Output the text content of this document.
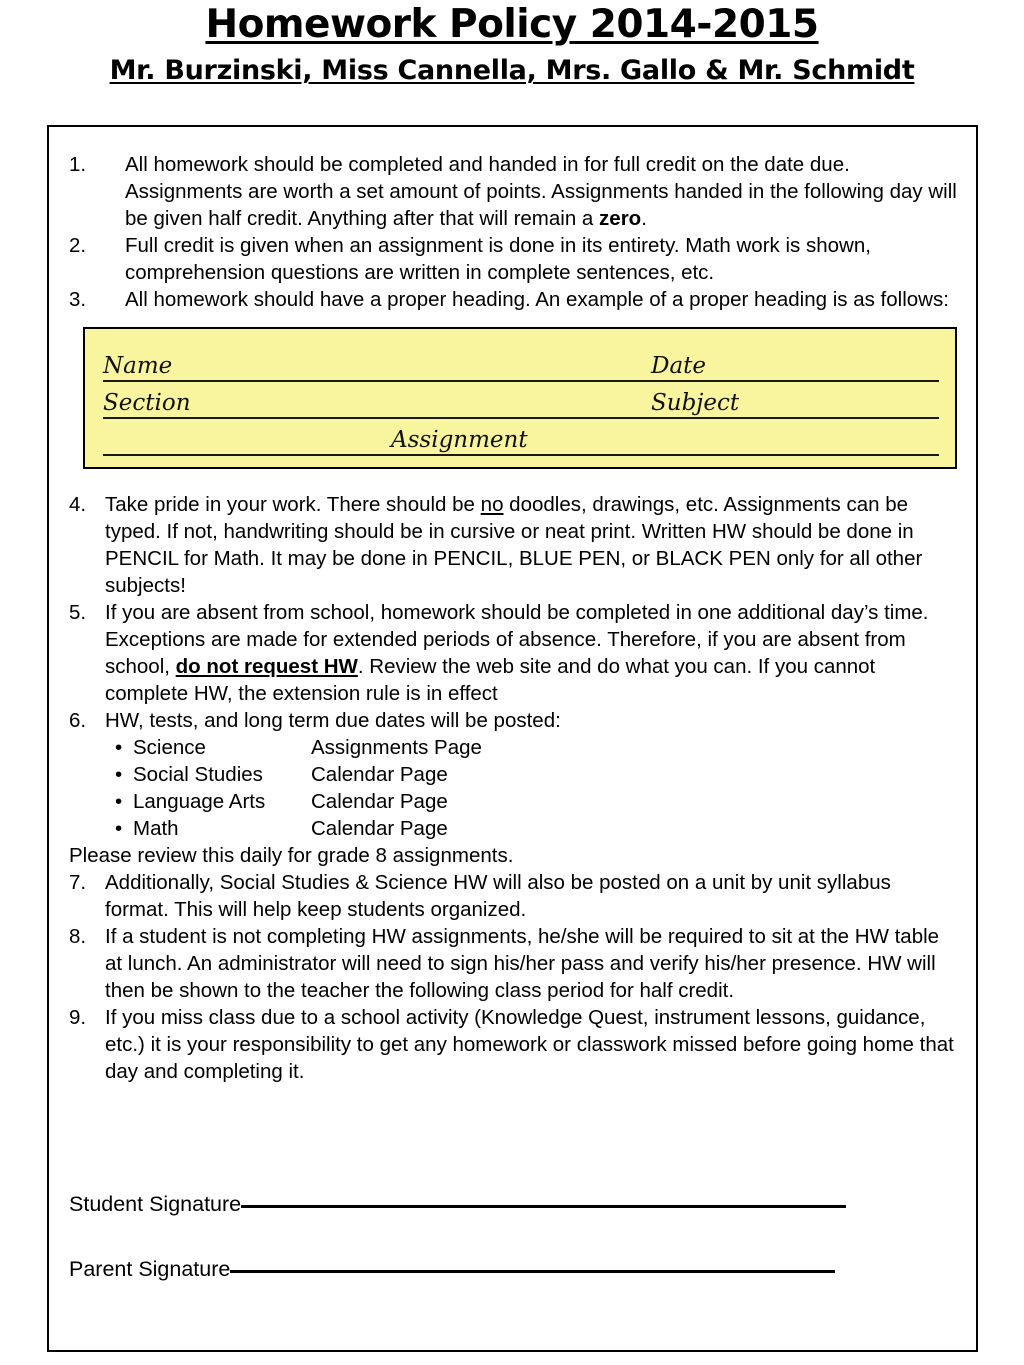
Homework Policy 2014-2015
Mr. Burzinski, Miss Cannella, Mrs. Gallo & Mr. Schmidt
1.	All homework should be completed and handed in for full credit on the date due. Assignments are worth a set amount of points. Assignments handed in the following day will be given half credit. Anything after that will remain a zero.
2.	Full credit is given when an assignment is done in its entirety. Math work is shown, comprehension questions are written in complete sentences, etc.
3.	All homework should have a proper heading. An example of a proper heading is as follows:
Name	Date
Section	Subject
Assignment
4. Take pride in your work. There should be no doodles, drawings, etc. Assignments can be typed. If not, handwriting should be in cursive or neat print. Written HW should be done in PENCIL for Math. It may be done in PENCIL, BLUE PEN, or BLACK PEN only for all other subjects!
5. If you are absent from school, homework should be completed in one additional day’s time. Exceptions are made for extended periods of absence. Therefore, if you are absent from school, do not request HW. Review the web site and do what you can. If you cannot complete HW, the extension rule is in effect
6. HW, tests, and long term due dates will be posted:
• Science	Assignments Page
• Social Studies Calendar Page
• Language Arts Calendar Page
• Math	Calendar Page
Please review this daily for grade 8 assignments.
7. Additionally, Social Studies & Science HW will also be posted on a unit by unit syllabus format. This will help keep students organized.
8. If a student is not completing HW assignments, he/she will be required to sit at the HW table at lunch. An administrator will need to sign his/her pass and verify his/her presence. HW will then be shown to the teacher the following class period for half credit.
9. If you miss class due to a school activity (Knowledge Quest, instrument lessons, guidance, etc.) it is your responsibility to get any homework or classwork missed before going home that day and completing it.
Student Signature
Parent Signature
